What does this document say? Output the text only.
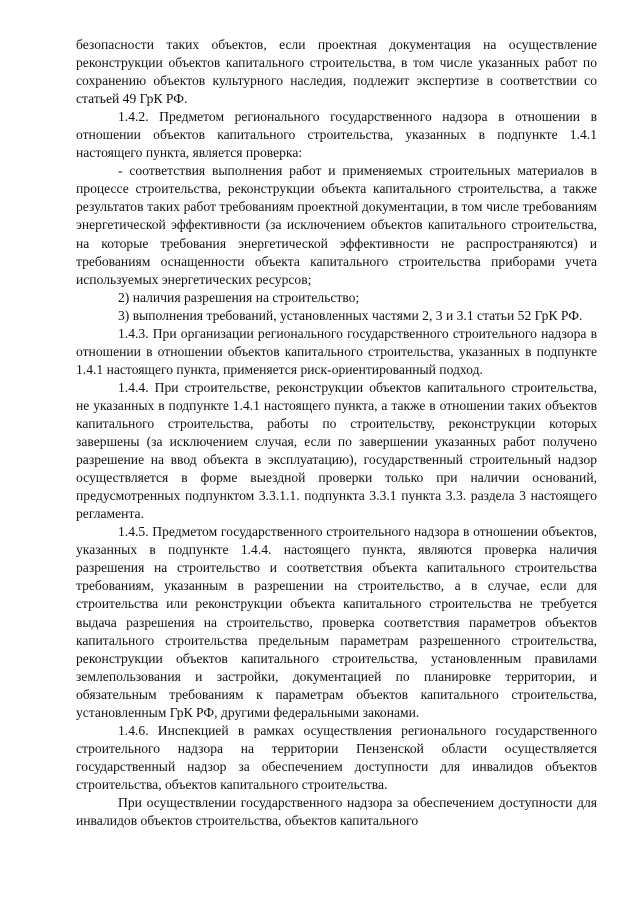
безопасности таких объектов, если проектная документация на осуществление реконструкции объектов капитального строительства, в том числе указанных работ по сохранению объектов культурного наследия, подлежит экспертизе в соответствии со статьей 49 ГрК РФ.

1.4.2. Предметом регионального государственного надзора в отношении в отношении объектов капитального строительства, указанных в подпункте 1.4.1 настоящего пункта, является проверка:

- соответствия выполнения работ и применяемых строительных материалов в процессе строительства, реконструкции объекта капитального строительства, а также результатов таких работ требованиям проектной документации, в том числе требованиям энергетической эффективности (за исключением объектов капитального строительства, на которые требования энергетической эффективности не распространяются) и требованиям оснащенности объекта капитального строительства приборами учета используемых энергетических ресурсов;

2) наличия разрешения на строительство;

3) выполнения требований, установленных частями 2, 3 и 3.1 статьи 52 ГрК РФ.

1.4.3. При организации регионального государственного строительного надзора в отношении в отношении объектов капитального строительства, указанных в подпункте 1.4.1 настоящего пункта, применяется риск-ориентированный подход.

1.4.4. При строительстве, реконструкции объектов капитального строительства, не указанных в подпункте 1.4.1 настоящего пункта, а также в отношении таких объектов капитального строительства, работы по строительству, реконструкции которых завершены (за исключением случая, если по завершении указанных работ получено разрешение на ввод объекта в эксплуатацию), государственный строительный надзор осуществляется в форме выездной проверки только при наличии оснований, предусмотренных подпунктом 3.3.1.1. подпункта 3.3.1 пункта 3.3. раздела 3 настоящего регламента.

1.4.5. Предметом государственного строительного надзора в отношении объектов, указанных в подпункте 1.4.4. настоящего пункта, являются проверка наличия разрешения на строительство и соответствия объекта капитального строительства требованиям, указанным в разрешении на строительство, а в случае, если для строительства или реконструкции объекта капитального строительства не требуется выдача разрешения на строительство, проверка соответствия параметров объектов капитального строительства предельным параметрам разрешенного строительства, реконструкции объектов капитального строительства, установленным правилами землепользования и застройки, документацией по планировке территории, и обязательным требованиям к параметрам объектов капитального строительства, установленным ГрК РФ, другими федеральными законами.

1.4.6. Инспекцией в рамках осуществления регионального государственного строительного надзора на территории Пензенской области осуществляется государственный надзор за обеспечением доступности для инвалидов объектов строительства, объектов капитального строительства.

При осуществлении государственного надзора за обеспечением доступности для инвалидов объектов строительства, объектов капитального
